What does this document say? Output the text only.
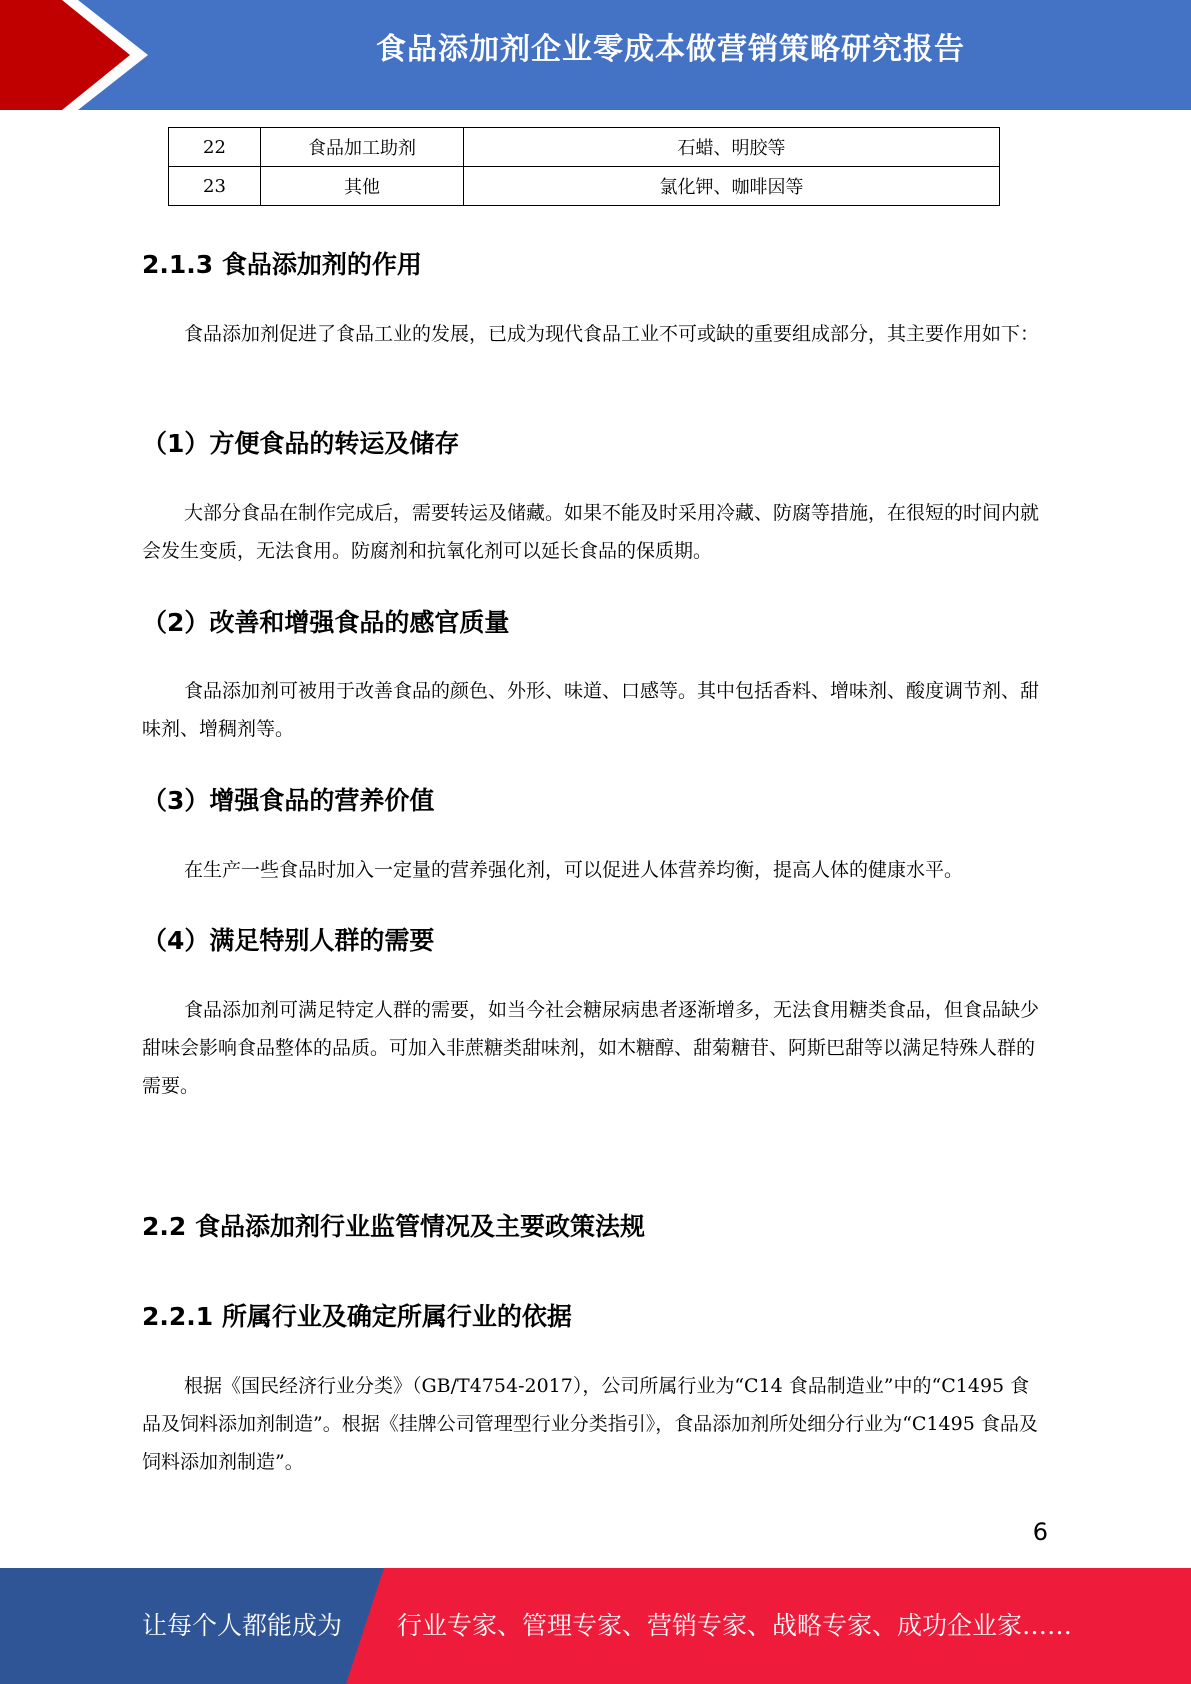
食品添加剂企业零成本做营销策略研究报告
22	食品加工助剂	石蜡、明胶等
23	其他	氯化钾、咖啡因等
2.1.3 食品添加剂的作用

食品添加剂促进了食品工业的发展，已成为现代食品工业不可或缺的重要组成部分，其主要作用如下：

（1）方便食品的转运及储存

大部分食品在制作完成后，需要转运及储藏。如果不能及时采用冷藏、防腐等措施，在很短的时间内就会发生变质，无法食用。防腐剂和抗氧化剂可以延长食品的保质期。

（2）改善和增强食品的感官质量

食品添加剂可被用于改善食品的颜色、外形、味道、口感等。其中包括香料、增味剂、酸度调节剂、甜味剂、增稠剂等。

（3）增强食品的营养价值

在生产一些食品时加入一定量的营养强化剂，可以促进人体营养均衡，提高人体的健康水平。

（4）满足特别人群的需要

食品添加剂可满足特定人群的需要，如当今社会糖尿病患者逐渐增多，无法食用糖类食品，但食品缺少甜味会影响食品整体的品质。可加入非蔗糖类甜味剂，如木糖醇、甜菊糖苷、阿斯巴甜等以满足特殊人群的需要。

2.2 食品添加剂行业监管情况及主要政策法规
2.2.1 所属行业及确定所属行业的依据

根据《国民经济行业分类》（GB/T4754-2017），公司所属行业为“C14 食品制造业”中的“C1495 食品及饲料添加剂制造”。根据《挂牌公司管理型行业分类指引》，食品添加剂所处细分行业为“C1495 食品及饲料添加剂制造”。

6
让每个人都能成为 行业专家、管理专家、营销专家、战略专家、成功企业家……
